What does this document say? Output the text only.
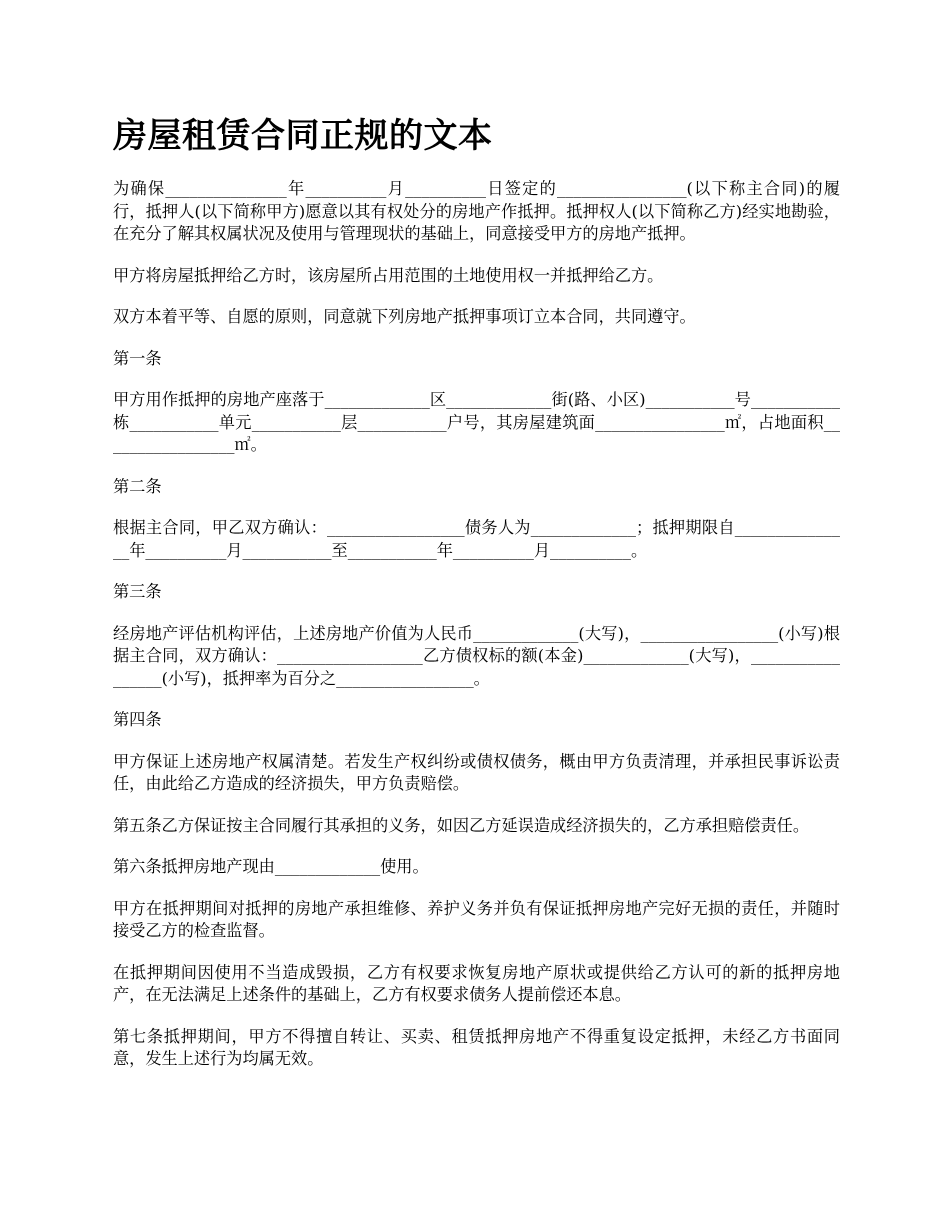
房屋租赁合同正规的文本

为确保_______________年__________月__________日签定的________________(以下称主合同)的履行，抵押人(以下简称甲方)愿意以其有权处分的房地产作抵押。抵押权人(以下简称乙方)经实地勘验，在充分了解其权属状况及使用与管理现状的基础上，同意接受甲方的房地产抵押。

甲方将房屋抵押给乙方时，该房屋所占用范围的土地使用权一并抵押给乙方。

双方本着平等、自愿的原则，同意就下列房地产抵押事项订立本合同，共同遵守。

第一条

甲方用作抵押的房地产座落于_____________区_____________街(路、小区)___________号___________栋___________单元___________层___________户号，其房屋建筑面________________㎡，占地面积_________________㎡。

第二条

根据主合同，甲乙双方确认：_________________债务人为_____________；抵押期限自_______________年__________月___________至___________年__________月__________。

第三条

经房地产评估机构评估，上述房地产价值为人民币_____________(大写)，_________________(小写)根据主合同，双方确认：__________________乙方债权标的额(本金)_____________(大写)，_________________(小写)，抵押率为百分之_________________。

第四条

甲方保证上述房地产权属清楚。若发生产权纠纷或债权债务，概由甲方负责清理，并承担民事诉讼责任，由此给乙方造成的经济损失，甲方负责赔偿。

第五条乙方保证按主合同履行其承担的义务，如因乙方延误造成经济损失的，乙方承担赔偿责任。

第六条抵押房地产现由_____________使用。

甲方在抵押期间对抵押的房地产承担维修、养护义务并负有保证抵押房地产完好无损的责任，并随时接受乙方的检查监督。

在抵押期间因使用不当造成毁损，乙方有权要求恢复房地产原状或提供给乙方认可的新的抵押房地产，在无法满足上述条件的基础上，乙方有权要求债务人提前偿还本息。

第七条抵押期间，甲方不得擅自转让、买卖、租赁抵押房地产不得重复设定抵押，未经乙方书面同意，发生上述行为均属无效。
